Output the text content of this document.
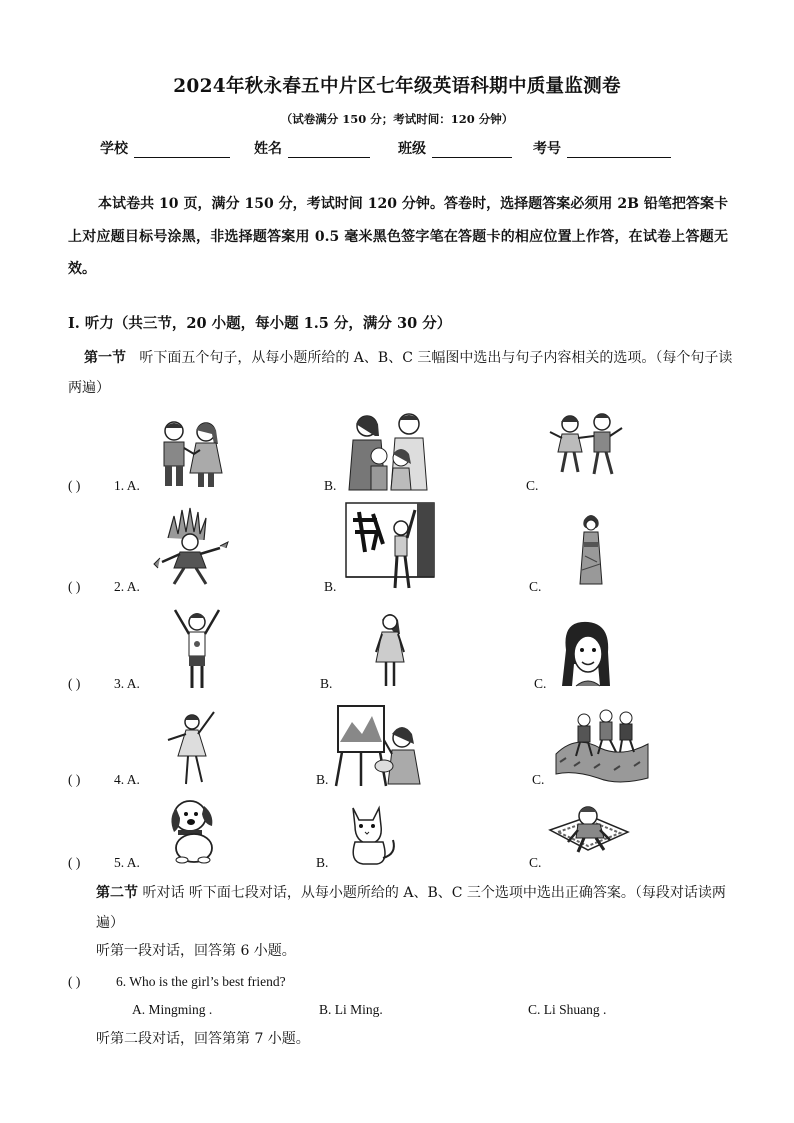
2024年秋永春五中片区七年级英语科期中质量监测卷
（试卷满分 150 分；考试时间：120 分钟）
学校	姓名	班级	考号
本试卷共 10 页，满分 150 分，考试时间 120 分钟。答卷时，选择题答案必须用 2B 铅笔把答案卡上对应题目标号涂黑，非选择题答案用 0.5 毫米黑色签字笔在答题卡的相应位置上作答，在试卷上答题无效。
Ⅰ. 听力（共三节，20 小题，每小题 1.5 分，满分 30 分）
第一节 听下面五个句子，从每小题所给的 A、B、C 三幅图中选出与句子内容相关的选项。（每个句子读两遍）
( ) 1. A.	B.	C.
( ) 2. A.	B.	C.
( ) 3. A.	B.	C.
( ) 4. A.	B.	C.
( ) 5. A.	B.	C.
第二节 听对话 听下面七段对话，从每小题所给的 A、B、C 三个选项中选出正确答案。（每段对话读两遍）
听第一段对话，回答第 6 小题。
( )	6. Who is the girl’s best friend?
A. Mingming .	B. Li Ming.	C. Li Shuang .
听第二段对话，回答第第 7 小题。
